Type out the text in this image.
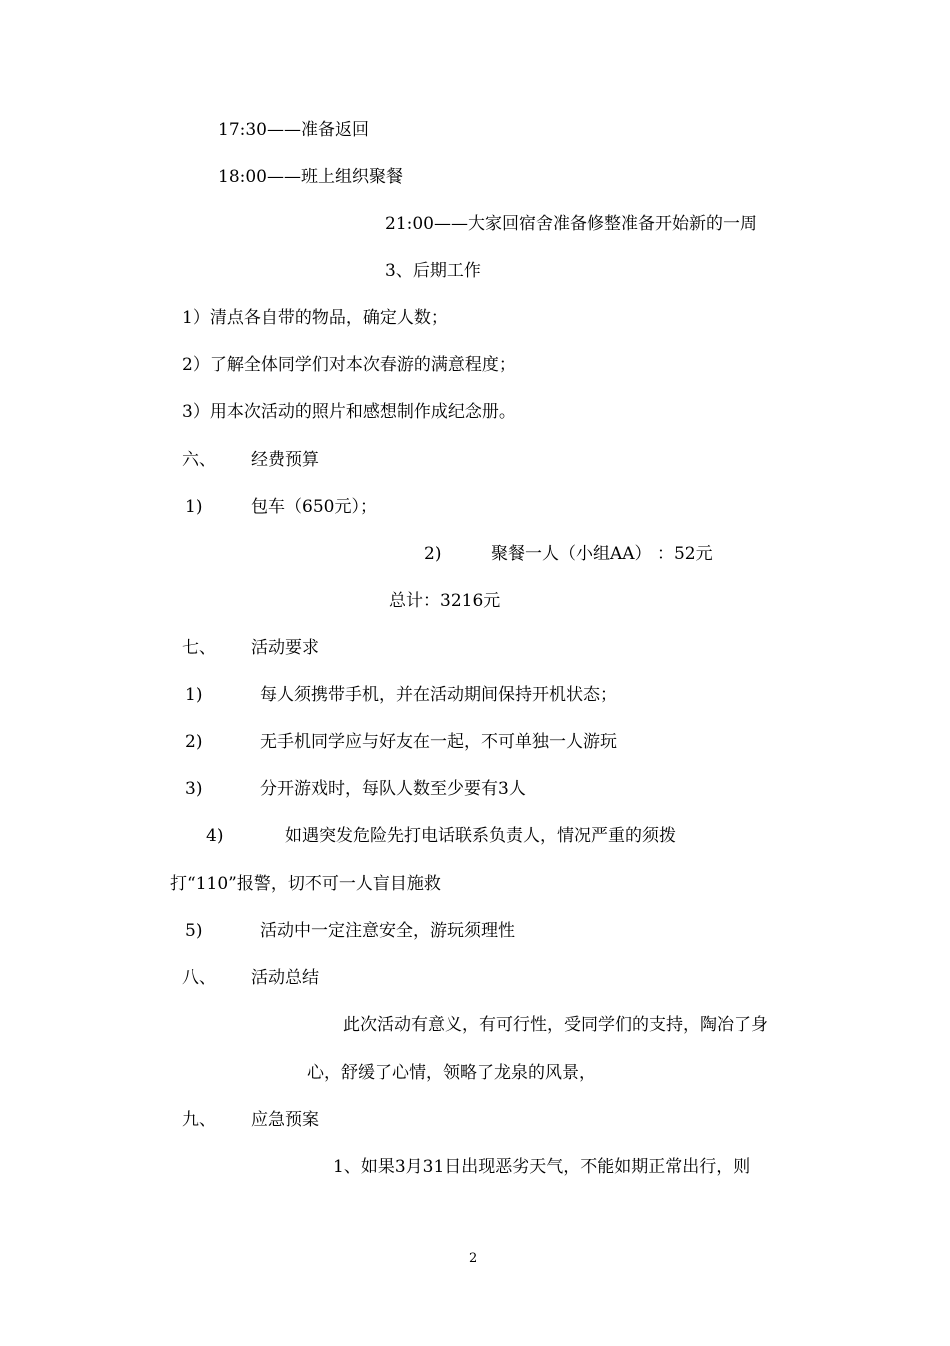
17:30——准备返回
18:00——班上组织聚餐
21:00——大家回宿舍准备修整准备开始新的一周
3、后期工作
1）清点各自带的物品，确定人数；
2）了解全体同学们对本次春游的满意程度；
3）用本次活动的照片和感想制作成纪念册。
六、 经费预算
1)	包车（650元）；
2)	聚餐一人（小组AA） ：52元
总计：3216元
七、 活动要求
1)	每人须携带手机，并在活动期间保持开机状态；
2)	无手机同学应与好友在一起，不可单独一人游玩
3)	分开游戏时，每队人数至少要有3人
4)	如遇突发危险先打电话联系负责人，情况严重的须拨
打“110”报警，切不可一人盲目施救
5)	活动中一定注意安全，游玩须理性
八、 活动总结
此次活动有意义，有可行性，受同学们的支持，陶冶了身
心，舒缓了心情，领略了龙泉的风景，
九、 应急预案
1、如果3月31日出现恶劣天气，不能如期正常出行，则
2
